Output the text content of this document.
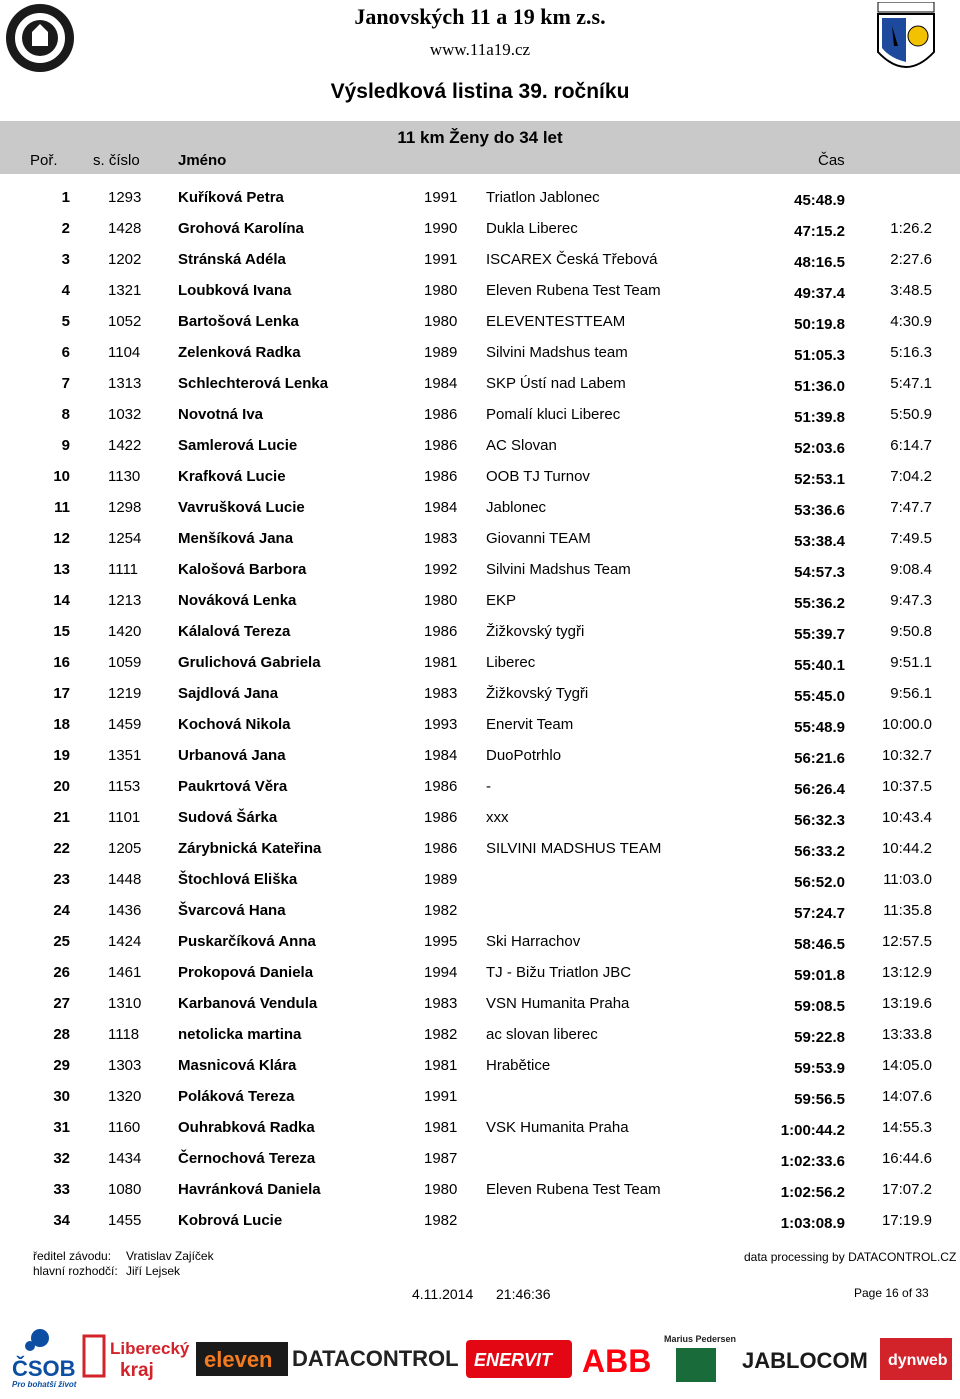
Janovských 11 a 19 km z.s.
www.11a19.cz
Výsledková listina 39. ročníku
11 km Ženy do 34 let
Poř. s. číslo	Jméno	Čas
1	1293 Kuříková Petra	1991 Triatlon Jablonec	45:48.9
2	1428 Grohová Karolína	1990 Dukla Liberec	47:15.2	1:26.2
3	1202 Stránská Adéla	1991 ISCAREX Česká Třebová	48:16.5	2:27.6
4	1321 Loubková Ivana	1980 Eleven Rubena Test Team	49:37.4	3:48.5
5	1052 Bartošová Lenka	1980 ELEVENTESTTEAM	50:19.8	4:30.9
6	1104	Zelenková Radka	1989 Silvini Madshus team	51:05.3	5:16.3
7	1313 Schlechterová Lenka	1984 SKP Ústí nad Labem	51:36.0	5:47.1
8	1032 Novotná Iva	1986 Pomalí kluci Liberec	51:39.8	5:50.9
9	1422 Samlerová Lucie	1986 AC Slovan	52:03.6	6:14.7
10	1130	Krafková Lucie	1986 OOB TJ Turnov	52:53.1	7:04.2
11	1298 Vavrušková Lucie	1984 Jablonec	53:36.6	7:47.7
12	1254 Menšíková Jana	1983 Giovanni TEAM	53:38.4	7:49.5
13	1111	Kalošová Barbora	1992 Silvini Madshus Team	54:57.3	9:08.4
14	1213 Nováková Lenka	1980 EKP	55:36.2	9:47.3
15	1420 Kálalová Tereza	1986 Žižkovský tygři	55:39.7	9:50.8
16	1059 Grulichová Gabriela	1981 Liberec	55:40.1	9:51.1
17	1219 Sajdlová Jana	1983 Žižkovský Tygři	55:45.0	9:56.1
18	1459 Kochová Nikola	1993 Enervit Team	55:48.9	10:00.0
19	1351 Urbanová Jana	1984 DuoPotrhlo	56:21.6	10:32.7
20	1153	Paukrtová Věra	1986 -	56:26.4	10:37.5
21	1101	Sudová Šárka	1986 xxx	56:32.3	10:43.4
22	1205 Zárybnická Kateřina	1986 SILVINI MADSHUS TEAM	56:33.2	10:44.2
23	1448 Štochlová Eliška	1989	56:52.0	11:03.0
24	1436 Švarcová Hana	1982	57:24.7	11:35.8
25	1424 Puskarčíková Anna	1995 Ski Harrachov	58:46.5	12:57.5
26	1461 Prokopová Daniela	1994 TJ - Bižu Triatlon JBC	59:01.8	13:12.9
27	1310 Karbanová Vendula	1983 VSN Humanita Praha	59:08.5	13:19.6
28	1118	netolicka martina	1982 ac slovan liberec	59:22.8	13:33.8
29	1303 Masnicová Klára	1981 Hrabětice	59:53.9	14:05.0
30	1320 Poláková Tereza	1991	59:56.5	14:07.6
31	1160	Ouhrabková Radka	1981 VSK Humanita Praha	1:00:44.2	14:55.3
32	1434 Černochová Tereza	1987	1:02:33.6	16:44.6
33	1080 Havránková Daniela	1980 Eleven Rubena Test Team	1:02:56.2	17:07.2
34	1455 Kobrová Lucie	1982	1:03:08.9	17:19.9
ředitel závodu: Vratislav Zajíček
hlavní rozhodčí: Jiří Lejsek
data processing by DATACONTROL.CZ
4.11.2014 21:46:36	Page 16 of 33
ČSOB
Pro bohatší život
Liberecký
kraj eleven DATACONTROL ENERVIT ABB
Marius Pedersen
JABLOCOM dynweb
